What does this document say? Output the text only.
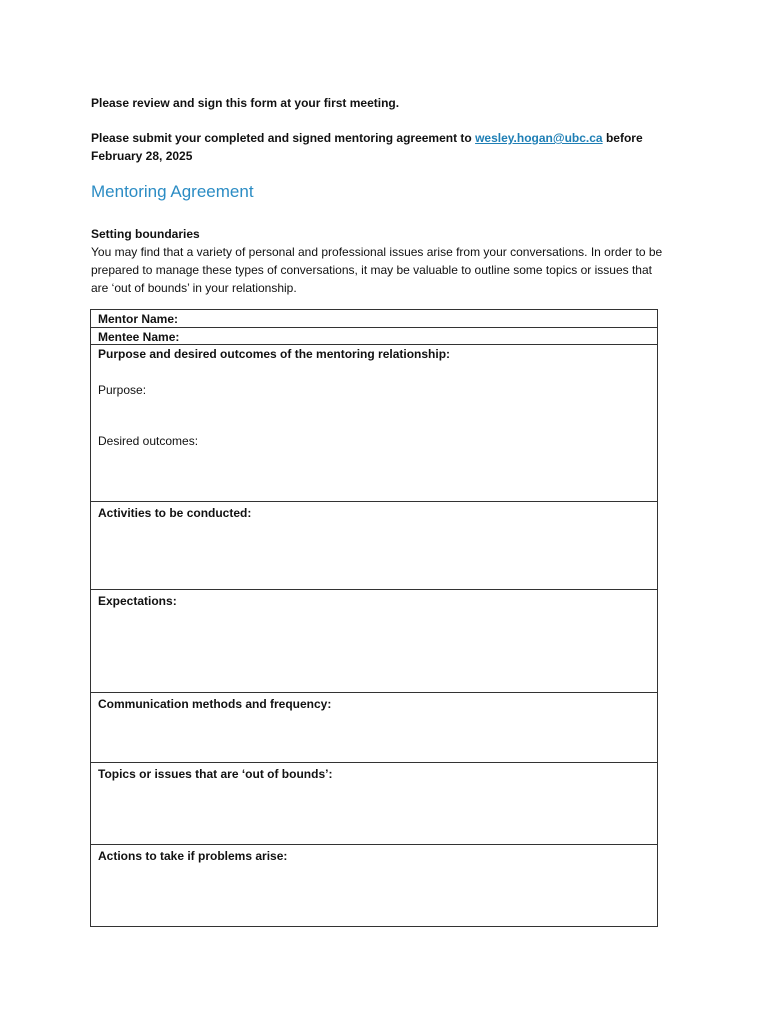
Please review and sign this form at your first meeting.

Please submit your completed and signed mentoring agreement to wesley.hogan@ubc.ca before February 28, 2025

Mentoring Agreement
Setting boundaries

You may find that a variety of personal and professional issues arise from your conversations. In order to be prepared to manage these types of conversations, it may be valuable to outline some topics or issues that are ‘out of bounds’ in your relationship.

Mentor Name:
Mentee Name:
Purpose and desired outcomes of the mentoring relationship:
Purpose:
Desired outcomes:
Activities to be conducted:
Expectations:
Communication methods and frequency:
Topics or issues that are ‘out of bounds’:
Actions to take if problems arise:
